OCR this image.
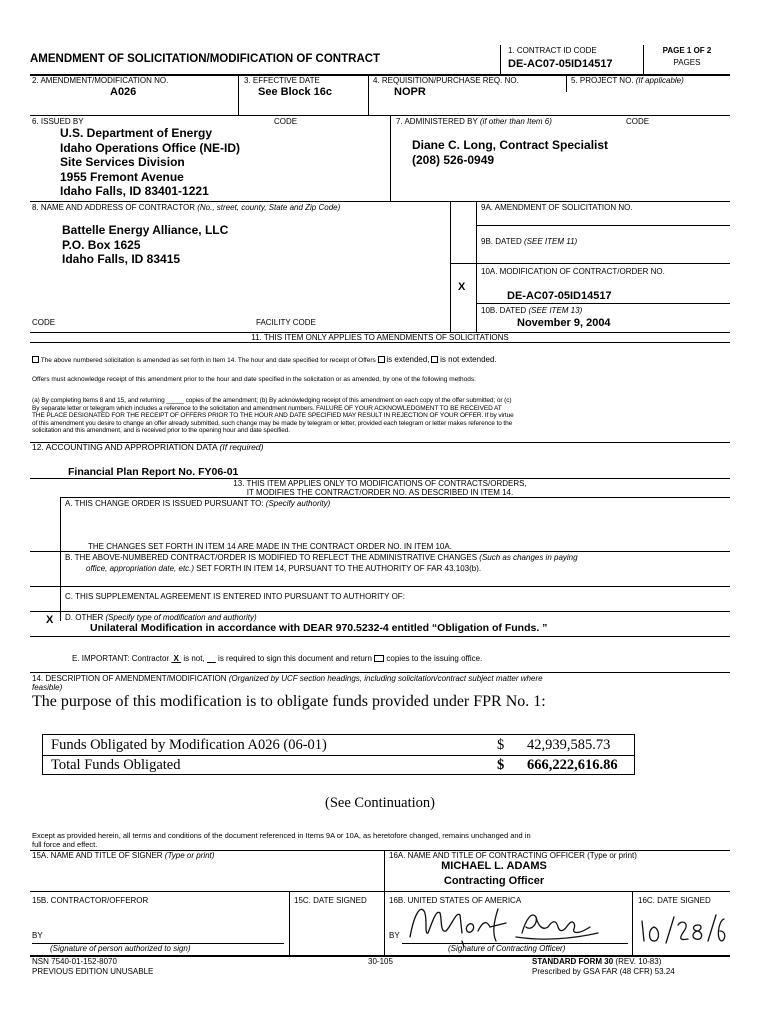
AMENDMENT OF SOLICITATION/MODIFICATION OF CONTRACT
1. CONTRACT ID CODE
DE-AC07-05ID14517
PAGE 1 OF 2
PAGES
2. AMENDMENT/MODIFICATION NO.
A026
3. EFFECTIVE DATE
See Block 16c
4. REQUISITION/PURCHASE REQ. NO.
NOPR
5. PROJECT NO. (If applicable)
6. ISSUED BY	CODE
U.S. Department of Energy
Idaho Operations Office (NE-ID)
Site Services Division
1955 Fremont Avenue
Idaho Falls, ID 83401-1221
7. ADMINISTERED BY (if other than Item 6)	CODE
Diane C. Long, Contract Specialist
(208) 526-0949
8. NAME AND ADDRESS OF CONTRACTOR (No., street, county, State and Zip Code)
Battelle Energy Alliance, LLC
P.O. Box 1625
Idaho Falls, ID 83415
CODE	FACILITY CODE
9A. AMENDMENT OF SOLICITATION NO.
9B. DATED (SEE ITEM 11)
10A. MODIFICATION OF CONTRACT/ORDER NO.
X
DE-AC07-05ID14517
10B. DATED (SEE ITEM 13)
November 9, 2004
11. THIS ITEM ONLY APPLIES TO AMENDMENTS OF SOLICITATIONS
The above numbered solicitation is amended as set forth in Item 14. The hour and date specified for receipt of Offers is extended, is not extended.
Offers must acknowledge receipt of this amendment prior to the hour and date specified in the solicitation or as amended, by one of the following methods:
(a) By completing Items 8 and 15, and returning _____ copies of the amendment; (b) By acknowledging receipt of this amendment on each copy of the offer submitted; or (c)
By separate letter or telegram which includes a reference to the solicitation and amendment numbers. FAILURE OF YOUR ACKNOWLEDGMENT TO BE RECEIVED AT
THE PLACE DESIGNATED FOR THE RECEIPT OF OFFERS PRIOR TO THE HOUR AND DATE SPECIFIED MAY RESULT IN REJECTION OF YOUR OFFER. If by virtue
of this amendment you desire to change an offer already submitted, such change may be made by telegram or letter, provided each telegram or letter makes reference to the
solicitation and this amendment, and is received prior to the opening hour and date specified.
12. ACCOUNTING AND APPROPRIATION DATA (If required)
Financial Plan Report No. FY06-01
13. THIS ITEM APPLIES ONLY TO MODIFICATIONS OF CONTRACTS/ORDERS,
IT MODIFIES THE CONTRACT/ORDER NO. AS DESCRIBED IN ITEM 14.
A. THIS CHANGE ORDER IS ISSUED PURSUANT TO: (Specify authority)
THE CHANGES SET FORTH IN ITEM 14 ARE MADE IN THE CONTRACT ORDER NO. IN ITEM 10A.
B. THE ABOVE-NUMBERED CONTRACT/ORDER IS MODIFIED TO REFLECT THE ADMINISTRATIVE CHANGES (Such as changes in paying
office, appropriation date, etc.) SET FORTH IN ITEM 14, PURSUANT TO THE AUTHORITY OF FAR 43.103(b).
C. THIS SUPPLEMENTAL AGREEMENT IS ENTERED INTO PURSUANT TO AUTHORITY OF:
X D. OTHER (Specify type of modification and authority)
Unilateral Modification in accordance with DEAR 970.5232-4 entitled “Obligation of Funds. ”
E. IMPORTANT: Contractor X is not, is required to sign this document and return copies to the issuing office.
14. DESCRIPTION OF AMENDMENT/MODIFICATION (Organized by UCF section headings, including solicitation/contract subject matter where
feasible)
The purpose of this modification is to obligate funds provided under FPR No. 1:
Funds Obligated by Modification A026 (06-01)	$ 42,939,585.73
Total Funds Obligated	$ 666,222,616.86
(See Continuation)
Except as provided herein, all terms and conditions of the document referenced in Items 9A or 10A, as heretofore changed, remains unchanged and in
full force and effect.
15A. NAME AND TITLE OF SIGNER (Type or print)	16A. NAME AND TITLE OF CONTRACTING OFFICER (Type or print)
MICHAEL L. ADAMS
Contracting Officer
15B. CONTRACTOR/OFFEROR	15C. DATE SIGNED	16B. UNITED STATES OF AMERICA	16C. DATE SIGNED
BY
(Signature of person authorized to sign)
BY
(Signature of Contracting Officer)
NSN 7540-01-152-8070
PREVIOUS EDITION UNUSABLE
30-105	STANDARD FORM 30 (REV. 10-83)
Prescribed by GSA FAR (48 CFR) 53.24
